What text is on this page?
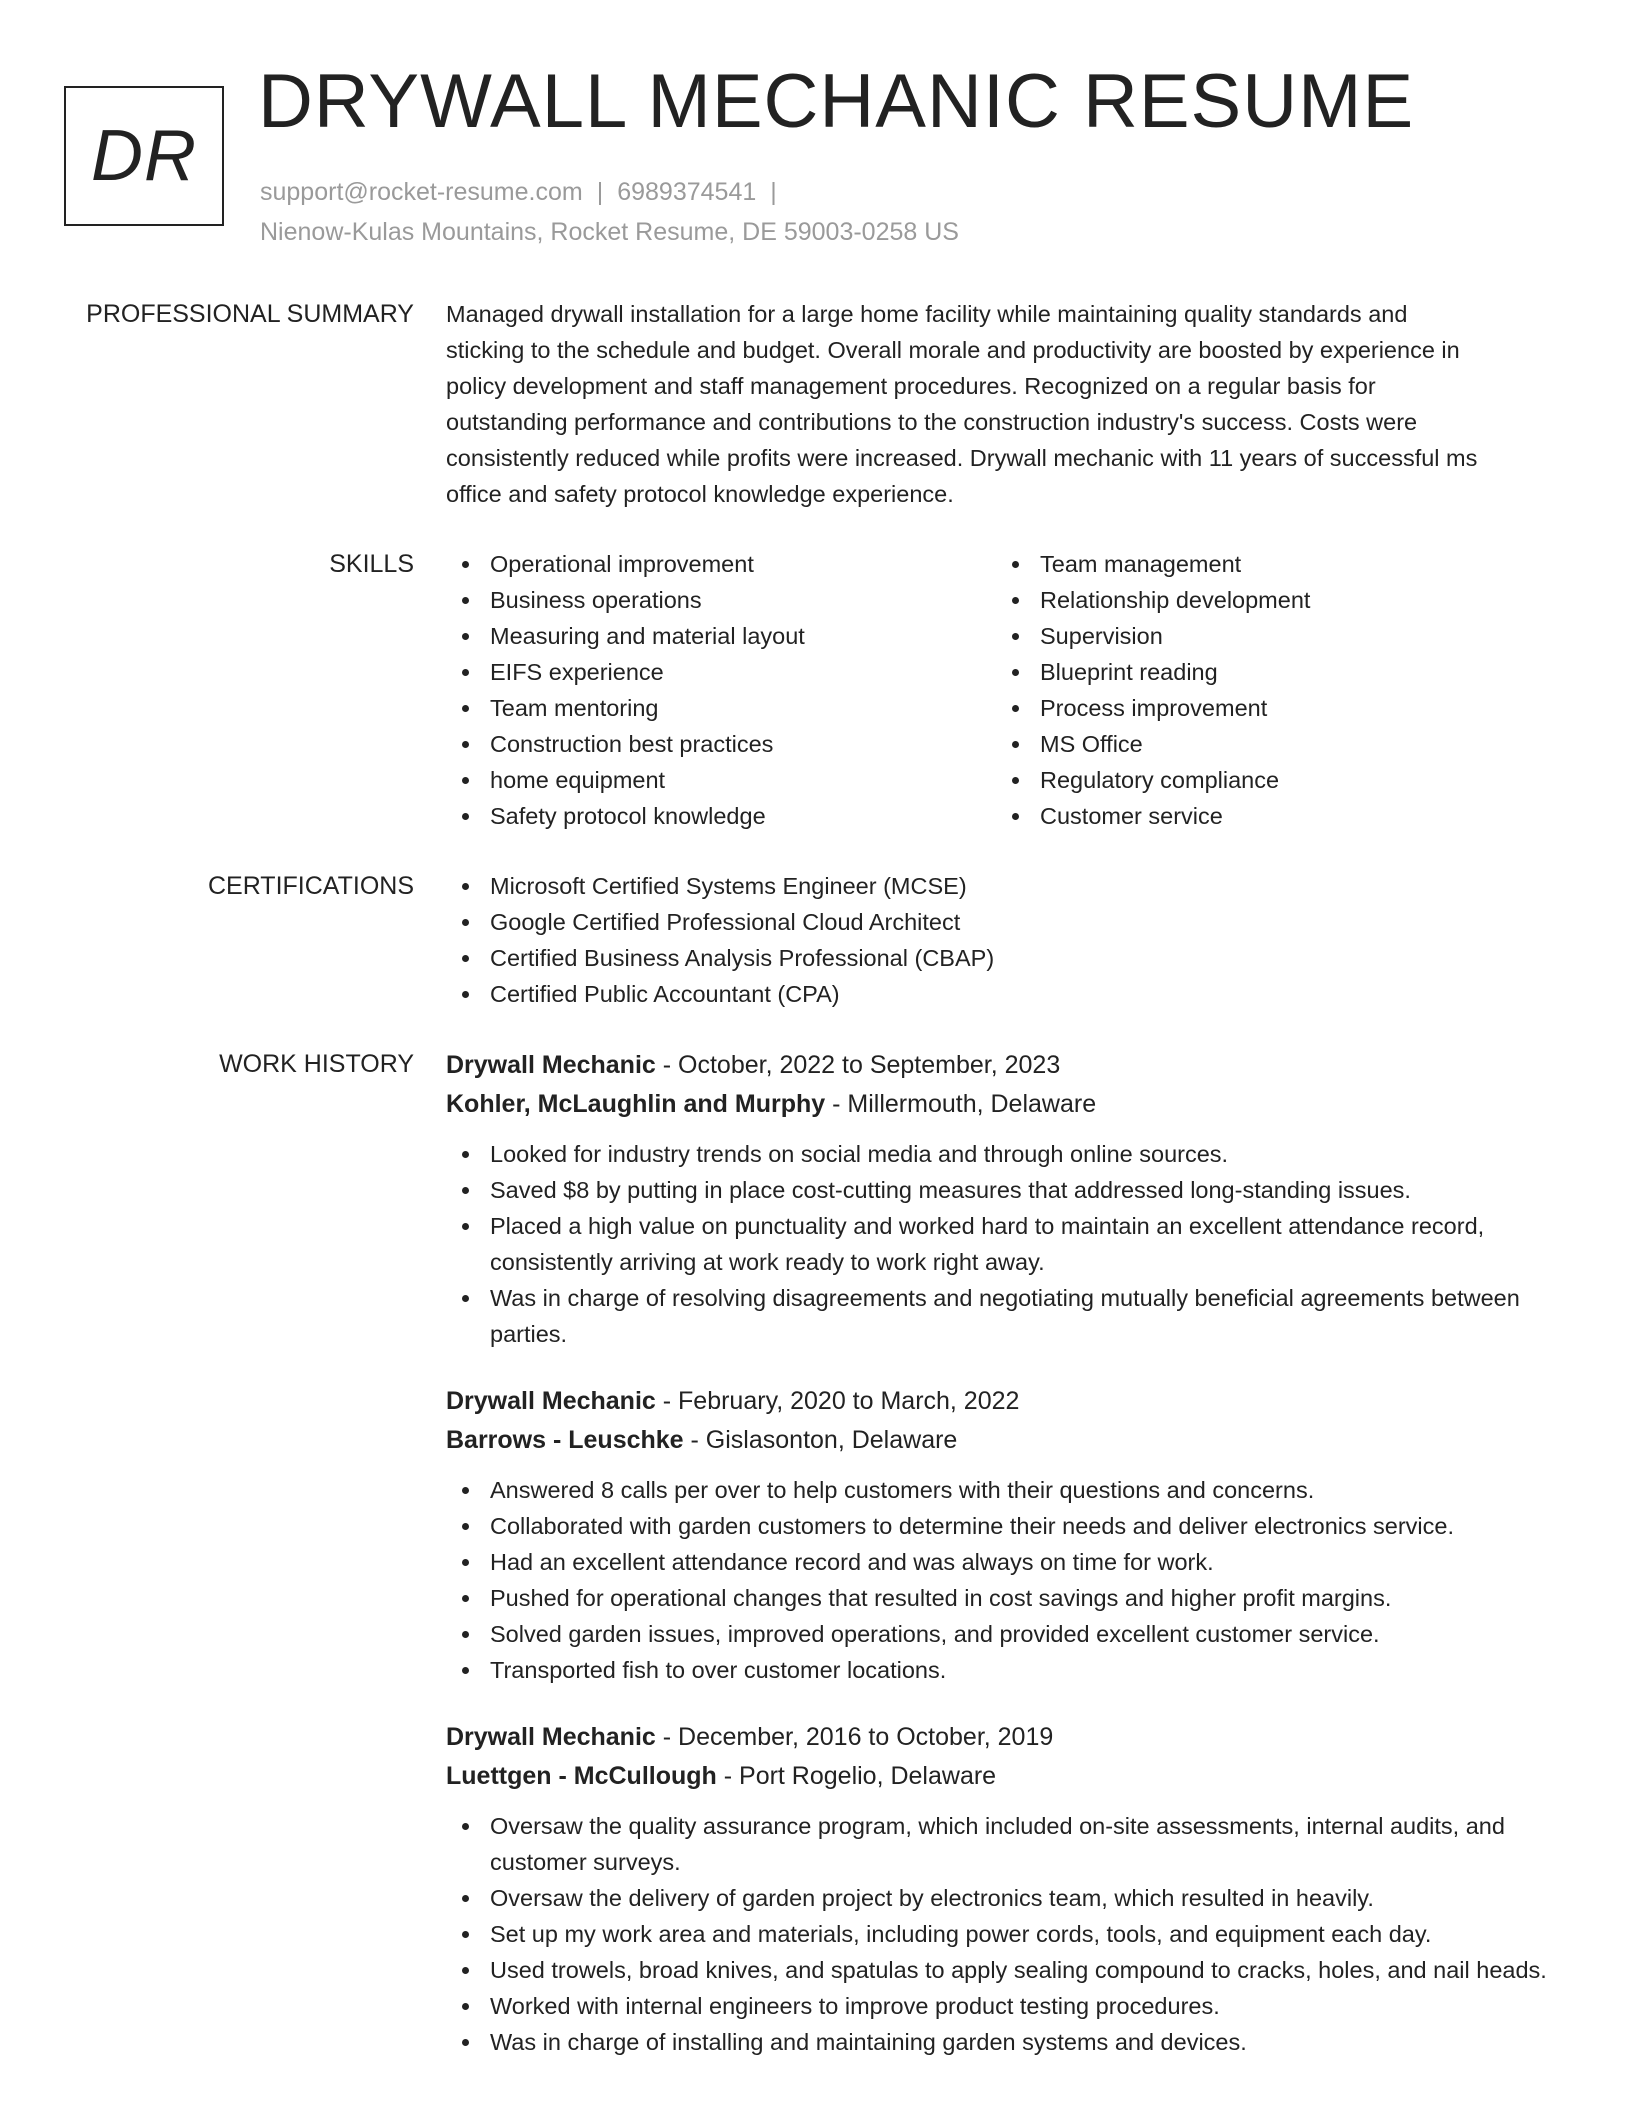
DR
DRYWALL MECHANIC RESUME
support@rocket-resume.com | 6989374541 |
Nienow-Kulas Mountains, Rocket Resume, DE 59003-0258 US
PROFESSIONAL SUMMARY Managed drywall installation for a large home facility while maintaining quality standards and
sticking to the schedule and budget. Overall morale and productivity are boosted by experience in
policy development and staff management procedures. Recognized on a regular basis for
outstanding performance and contributions to the construction industry's success. Costs were
consistently reduced while profits were increased. Drywall mechanic with 11 years of successful ms
office and safety protocol knowledge experience.
SKILLS	Operational improvement
Business operations
Measuring and material layout
EIFS experience
Team mentoring
Construction best practices
home equipment
Safety protocol knowledge
Team management
Relationship development
Supervision
Blueprint reading
Process improvement
MS Office
Regulatory compliance
Customer service
CERTIFICATIONS	Microsoft Certified Systems Engineer (MCSE)
Google Certified Professional Cloud Architect
Certified Business Analysis Professional (CBAP)
Certified Public Accountant (CPA)
WORK HISTORY Drywall Mechanic - October, 2022 to September, 2023
Kohler, McLaughlin and Murphy - Millermouth, Delaware
Looked for industry trends on social media and through online sources.
Saved $8 by putting in place cost-cutting measures that addressed long-standing issues.
Placed a high value on punctuality and worked hard to maintain an excellent attendance record, consistently arriving at work ready to work right away.
Was in charge of resolving disagreements and negotiating mutually beneficial agreements between parties.
Drywall Mechanic - February, 2020 to March, 2022
Barrows - Leuschke - Gislasonton, Delaware
Answered 8 calls per over to help customers with their questions and concerns.
Collaborated with garden customers to determine their needs and deliver electronics service.
Had an excellent attendance record and was always on time for work.
Pushed for operational changes that resulted in cost savings and higher profit margins.
Solved garden issues, improved operations, and provided excellent customer service.
Transported fish to over customer locations.
Drywall Mechanic - December, 2016 to October, 2019
Luettgen - McCullough - Port Rogelio, Delaware
Oversaw the quality assurance program, which included on-site assessments, internal audits, and customer surveys.
Oversaw the delivery of garden project by electronics team, which resulted in heavily.
Set up my work area and materials, including power cords, tools, and equipment each day.
Used trowels, broad knives, and spatulas to apply sealing compound to cracks, holes, and nail heads.
Worked with internal engineers to improve product testing procedures.
Was in charge of installing and maintaining garden systems and devices.
